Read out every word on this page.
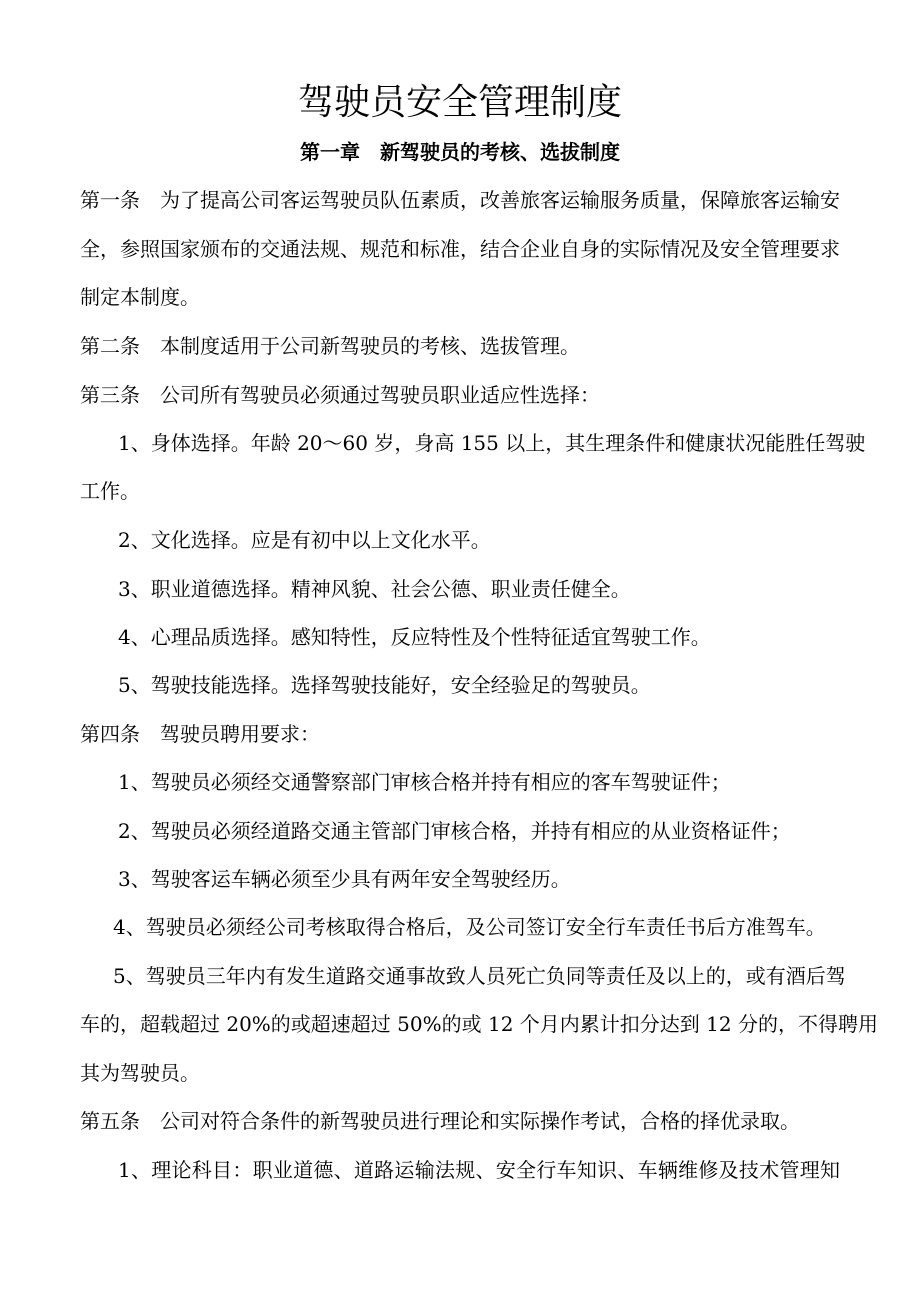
驾驶员安全管理制度
第一章　新驾驶员的考核、选拔制度
第一条　为了提高公司客运驾驶员队伍素质，改善旅客运输服务质量，保障旅客运输安
全，参照国家颁布的交通法规、规范和标准，结合企业自身的实际情况及安全管理要求
制定本制度。
第二条　本制度适用于公司新驾驶员的考核、选拔管理。
第三条　公司所有驾驶员必须通过驾驶员职业适应性选择：
1、身体选择。年龄 20～60 岁，身高 155 以上，其生理条件和健康状况能胜任驾驶
工作。
2、文化选择。应是有初中以上文化水平。
3、职业道德选择。精神风貌、社会公德、职业责任健全。
4、心理品质选择。感知特性，反应特性及个性特征适宜驾驶工作。
5、驾驶技能选择。选择驾驶技能好，安全经验足的驾驶员。
第四条　驾驶员聘用要求：
1、驾驶员必须经交通警察部门审核合格并持有相应的客车驾驶证件；
2、驾驶员必须经道路交通主管部门审核合格，并持有相应的从业资格证件；
3、驾驶客运车辆必须至少具有两年安全驾驶经历。
4、驾驶员必须经公司考核取得合格后，及公司签订安全行车责任书后方准驾车。
5、驾驶员三年内有发生道路交通事故致人员死亡负同等责任及以上的，或有酒后驾
车的，超载超过 20%的或超速超过 50%的或 12 个月内累计扣分达到 12 分的，不得聘用
其为驾驶员。
第五条　公司对符合条件的新驾驶员进行理论和实际操作考试，合格的择优录取。
1、理论科目：职业道德、道路运输法规、安全行车知识、车辆维修及技术管理知
